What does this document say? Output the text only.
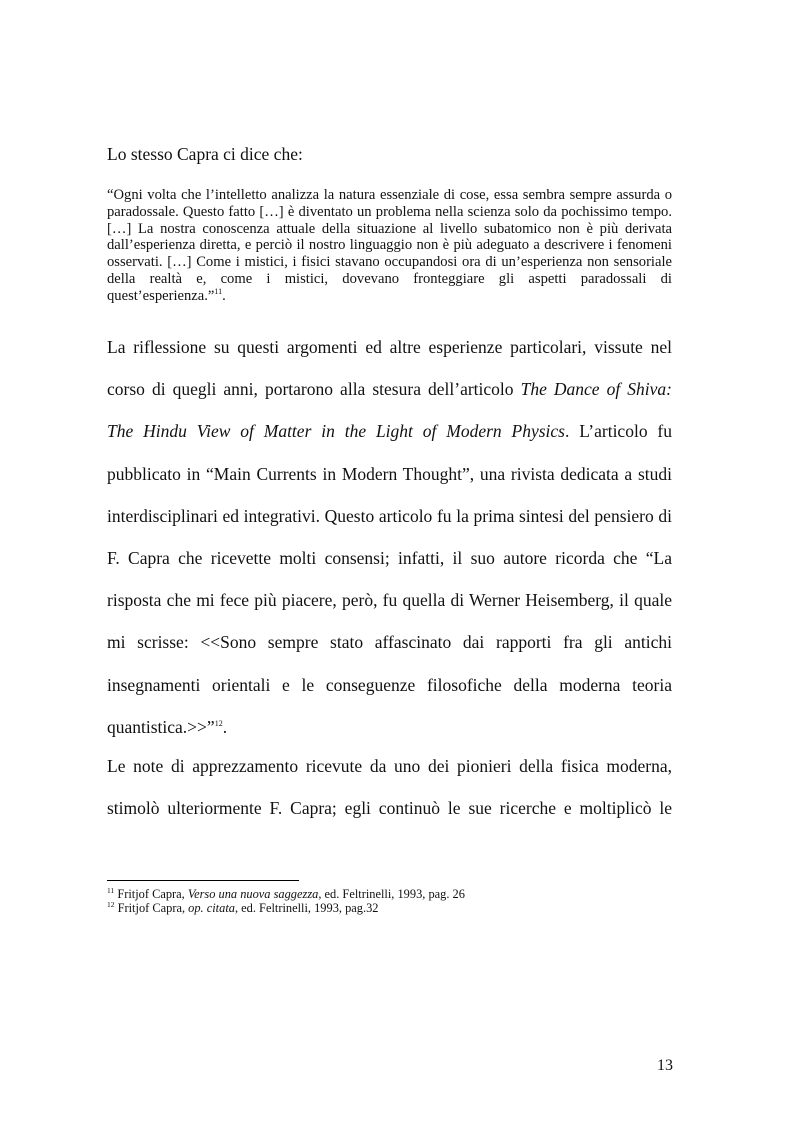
Lo stesso Capra ci dice che:

“Ogni volta che l’intelletto analizza la natura essenziale di cose, essa sembra sempre assurda o paradossale. Questo fatto […] è diventato un problema nella scienza solo da pochissimo tempo. […] La nostra conoscenza attuale della situazione al livello subatomico non è più derivata dall’esperienza diretta, e perciò il nostro linguaggio non è più adeguato a descrivere i fenomeni osservati. […] Come i mistici, i fisici stavano occupandosi ora di un’esperienza non sensoriale della realtà e, come i mistici, dovevano fronteggiare gli aspetti paradossali di quest’esperienza.”$^{11}$.

La riflessione su questi argomenti ed altre esperienze particolari, vissute nel corso di quegli anni, portarono alla stesura dell’articolo The Dance of Shiva: The Hindu View of Matter in the Light of Modern Physics. L’articolo fu pubblicato in “Main Currents in Modern Thought”, una rivista dedicata a studi interdisciplinari ed integrativi. Questo articolo fu la prima sintesi del pensiero di F. Capra che ricevette molti consensi; infatti, il suo autore ricorda che “La risposta che mi fece più piacere, però, fu quella di Werner Heisemberg, il quale mi scrisse: <<Sono sempre stato affascinato dai rapporti fra gli antichi insegnamenti orientali e le conseguenze filosofiche della moderna teoria quantistica.>>”$^{12}$.

Le note di apprezzamento ricevute da uno dei pionieri della fisica moderna, stimolò ulteriormente F. Capra; egli continuò le sue ricerche e moltiplicò le

$^{11}$ Fritjof Capra, Verso una nuova saggezza, ed. Feltrinelli, 1993, pag. 26

$^{12}$ Fritjof Capra, op. citata, ed. Feltrinelli, 1993, pag.32

13
